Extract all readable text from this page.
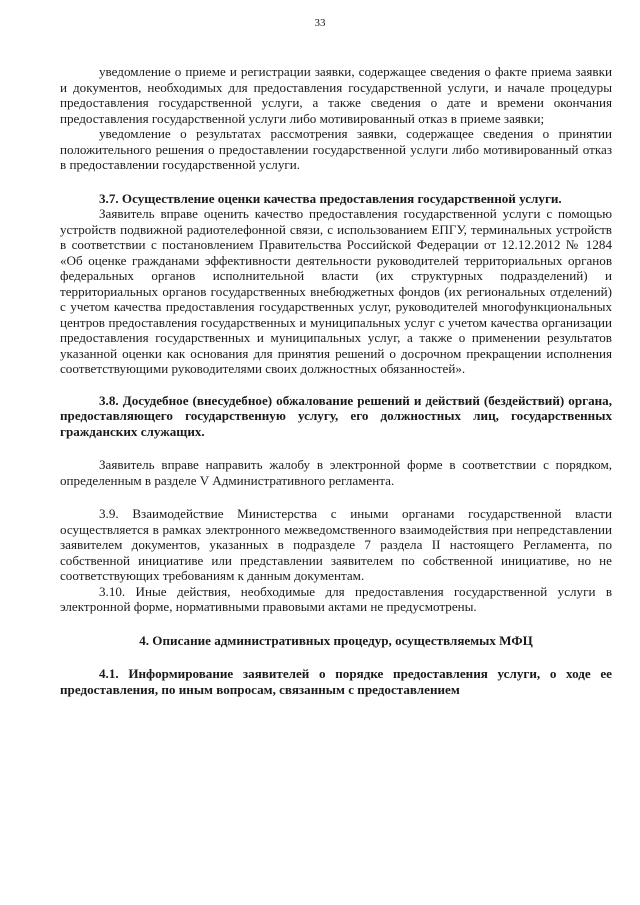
33

уведомление о приеме и регистрации заявки, содержащее сведения о факте приема заявки и документов, необходимых для предоставления государственной услуги, и начале процедуры предоставления государственной услуги, а также сведения о дате и времени окончания предоставления государственной услуги либо мотивированный отказ в приеме заявки;

уведомление о результатах рассмотрения заявки, содержащее сведения о принятии положительного решения о предоставлении государственной услуги либо мотивированный отказ в предоставлении государственной услуги.

3.7. Осуществление оценки качества предоставления государственной услуги.

Заявитель вправе оценить качество предоставления государственной услуги с помощью устройств подвижной радиотелефонной связи, с использованием ЕПГУ, терминальных устройств в соответствии с постановлением Правительства Российской Федерации от 12.12.2012 № 1284 «Об оценке гражданами эффективности деятельности руководителей территориальных органов федеральных органов исполнительной власти (их структурных подразделений) и территориальных органов государственных внебюджетных фондов (их региональных отделений) с учетом качества предоставления государственных услуг, руководителей многофункциональных центров предоставления государственных и муниципальных услуг с учетом качества организации предоставления государственных и муниципальных услуг, а также о применении результатов указанной оценки как основания для принятия решений о досрочном прекращении исполнения соответствующими руководителями своих должностных обязанностей».

3.8. Досудебное (внесудебное) обжалование решений и действий (бездействий) органа, предоставляющего государственную услугу, его должностных лиц, государственных гражданских служащих.

Заявитель вправе направить жалобу в электронной форме в соответствии с порядком, определенным в разделе V Административного регламента.

3.9. Взаимодействие Министерства с иными органами государственной власти осуществляется в рамках электронного межведомственного взаимодействия при непредставлении заявителем документов, указанных в подразделе 7 раздела II настоящего Регламента, по собственной инициативе или представлении заявителем по собственной инициативе, но не соответствующих требованиям к данным документам.

3.10. Иные действия, необходимые для предоставления государственной услуги в электронной форме, нормативными правовыми актами не предусмотрены.

4. Описание административных процедур, осуществляемых МФЦ

4.1. Информирование заявителей о порядке предоставления услуги, о ходе ее предоставления, по иным вопросам, связанным с предоставлением
